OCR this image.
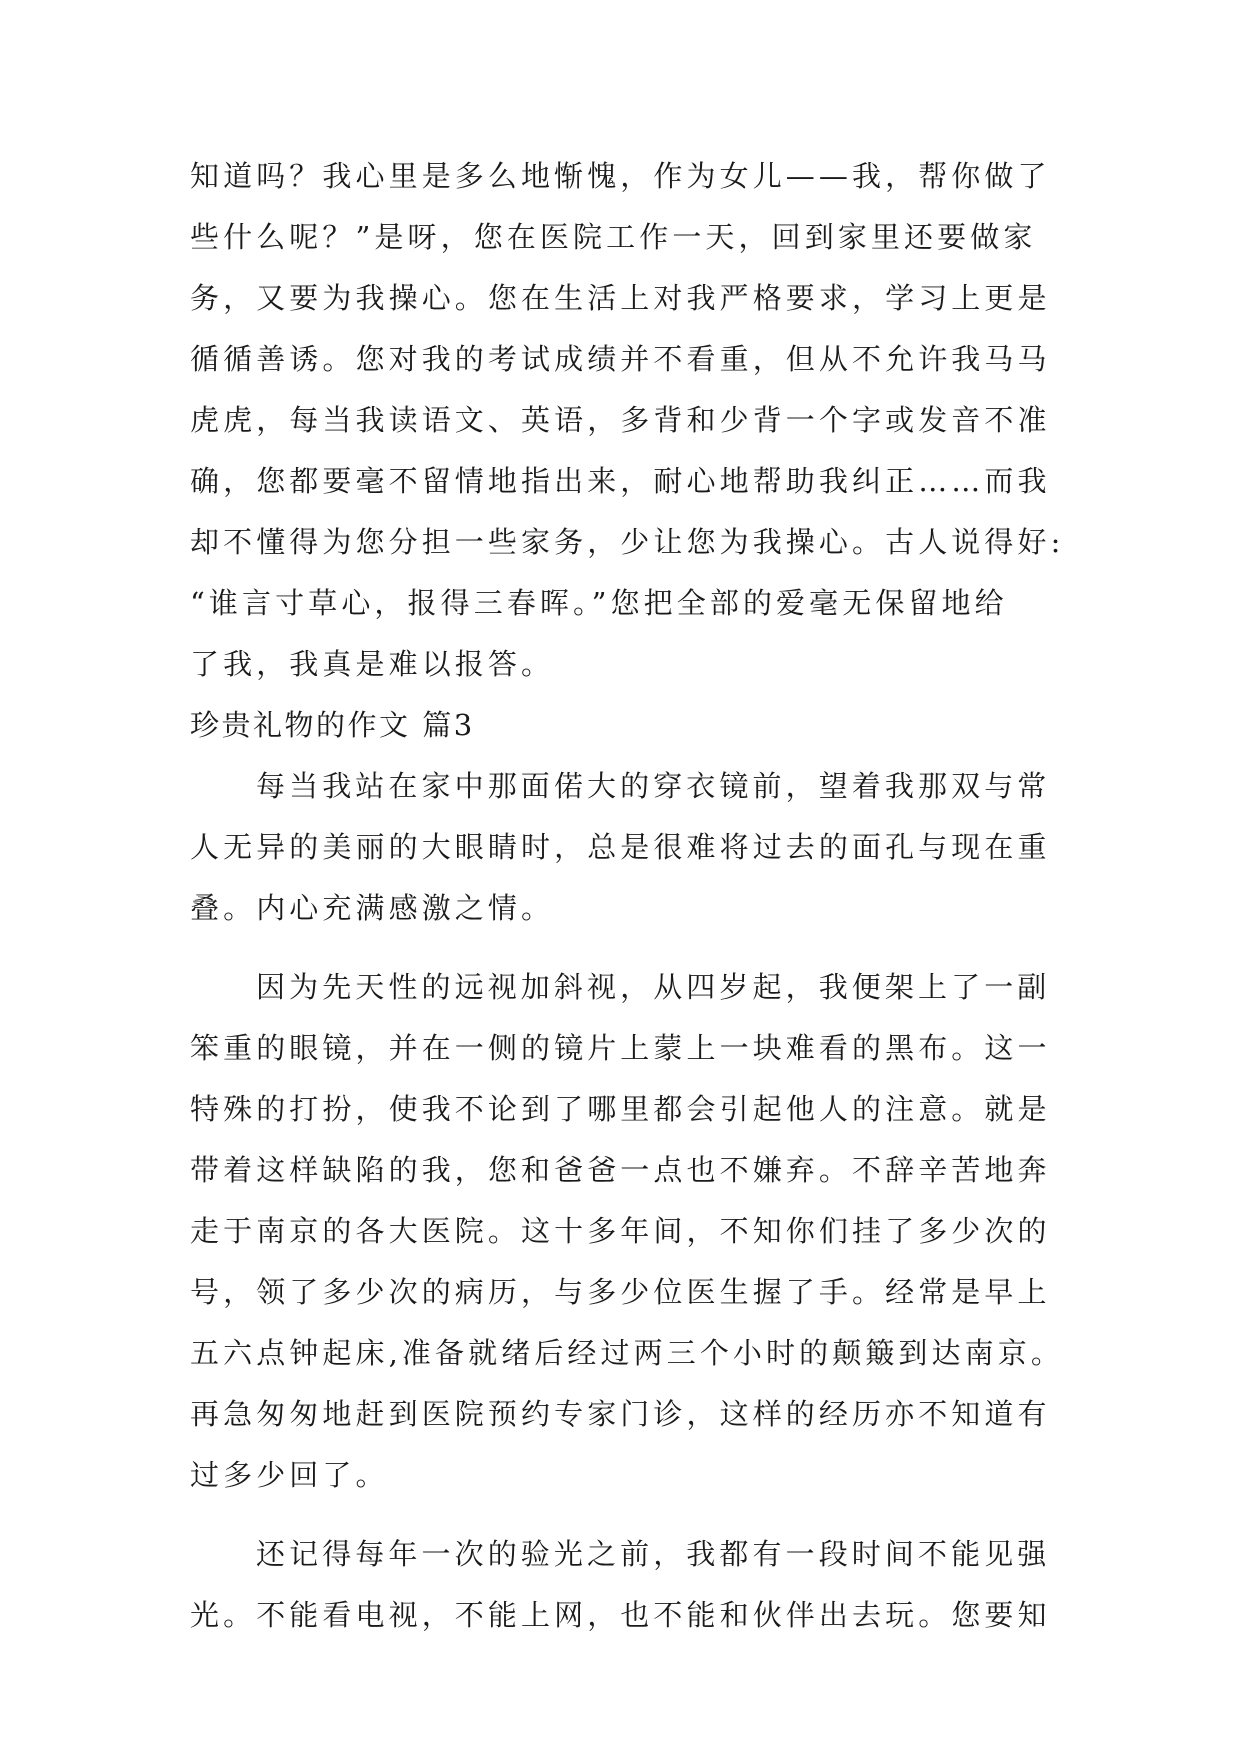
知道吗？我心里是多么地惭愧，作为女儿——我，帮你做了
些什么呢？”是呀，您在医院工作一天，回到家里还要做家
务，又要为我操心。您在生活上对我严格要求，学习上更是
循循善诱。您对我的考试成绩并不看重，但从不允许我马马
虎虎，每当我读语文、英语，多背和少背一个字或发音不准
确，您都要毫不留情地指出来，耐心地帮助我纠正……而我
却不懂得为您分担一些家务，少让您为我操心。古人说得好:
“谁言寸草心，报得三春晖。”您把全部的爱毫无保留地给
了我，我真是难以报答。
珍贵礼物的作文 篇3
每当我站在家中那面偌大的穿衣镜前，望着我那双与常
人无异的美丽的大眼睛时，总是很难将过去的面孔与现在重
叠。内心充满感激之情。
因为先天性的远视加斜视，从四岁起，我便架上了一副
笨重的眼镜，并在一侧的镜片上蒙上一块难看的黑布。这一
特殊的打扮，使我不论到了哪里都会引起他人的注意。就是
带着这样缺陷的我，您和爸爸一点也不嫌弃。不辞辛苦地奔
走于南京的各大医院。这十多年间，不知你们挂了多少次的
号，领了多少次的病历，与多少位医生握了手。经常是早上
五六点钟起床,准备就绪后经过两三个小时的颠簸到达南京。
再急匆匆地赶到医院预约专家门诊，这样的经历亦不知道有
过多少回了。
还记得每年一次的验光之前，我都有一段时间不能见强
光。不能看电视，不能上网，也不能和伙伴出去玩。您要知
